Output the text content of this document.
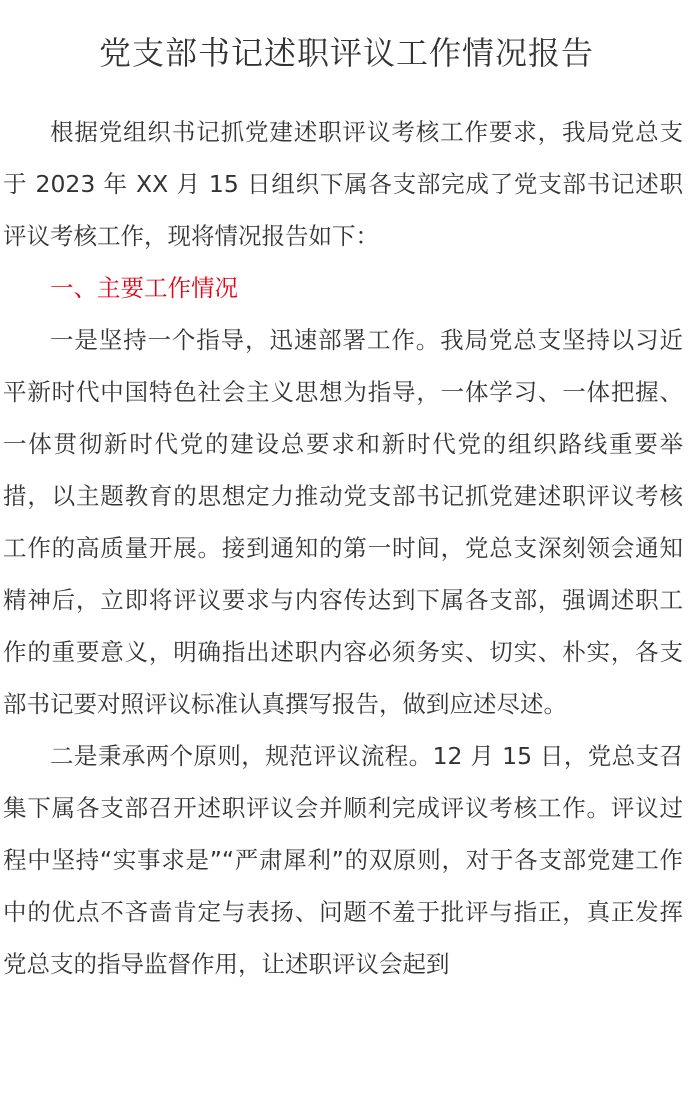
党支部书记述职评议工作情况报告

根据党组织书记抓党建述职评议考核工作要求，我局党总支于 2023 年 XX 月 15 日组织下属各支部完成了党支部书记述职评议考核工作，现将情况报告如下：

一、主要工作情况

一是坚持一个指导，迅速部署工作。我局党总支坚持以习近平新时代中国特色社会主义思想为指导，一体学习、一体把握、一体贯彻新时代党的建设总要求和新时代党的组织路线重要举措，以主题教育的思想定力推动党支部书记抓党建述职评议考核工作的高质量开展。接到通知的第一时间，党总支深刻领会通知精神后，立即将评议要求与内容传达到下属各支部，强调述职工作的重要意义，明确指出述职内容必须务实、切实、朴实，各支部书记要对照评议标准认真撰写报告，做到应述尽述。

二是秉承两个原则，规范评议流程。12 月 15 日，党总支召集下属各支部召开述职评议会并顺利完成评议考核工作。评议过程中坚持“实事求是”“严肃犀利”的双原则，对于各支部党建工作中的优点不吝啬肯定与表扬、问题不羞于批评与指正，真正发挥党总支的指导监督作用，让述职评议会起到
